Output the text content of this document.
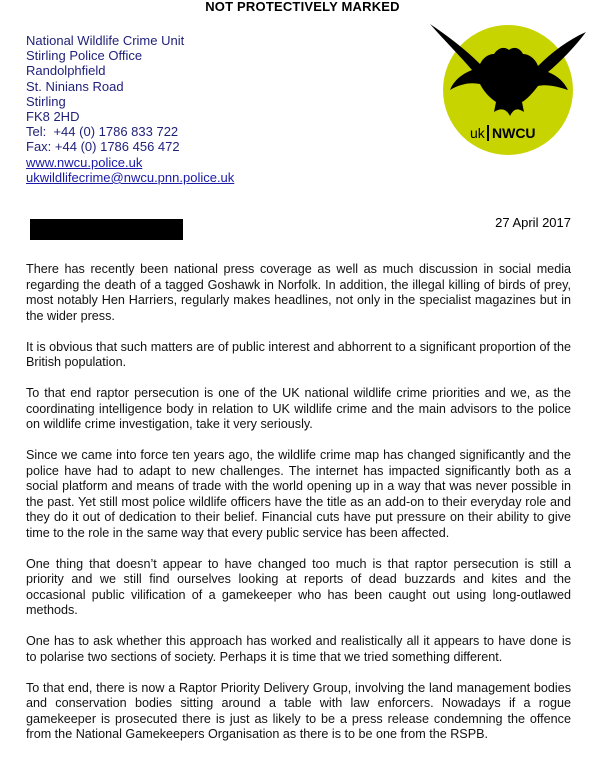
NOT PROTECTIVELY MARKED
National Wildlife Crime Unit
Stirling Police Office
Randolphfield
St. Ninians Road
Stirling
FK8 2HD
Tel: +44 (0) 1786 833 722
Fax: +44 (0) 1786 456 472
www.nwcu.police.uk
ukwildlifecrime@nwcu.pnn.police.uk
uk NWCU
27 April 2017

There has recently been national press coverage as well as much discussion in social media regarding the death of a tagged Goshawk in Norfolk. In addition, the illegal killing of birds of prey, most notably Hen Harriers, regularly makes headlines, not only in the specialist magazines but in the wider press.

It is obvious that such matters are of public interest and abhorrent to a significant proportion of the British population.

To that end raptor persecution is one of the UK national wildlife crime priorities and we, as the coordinating intelligence body in relation to UK wildlife crime and the main advisors to the police on wildlife crime investigation, take it very seriously.

Since we came into force ten years ago, the wildlife crime map has changed significantly and the police have had to adapt to new challenges. The internet has impacted significantly both as a social platform and means of trade with the world opening up in a way that was never possible in the past. Yet still most police wildlife officers have the title as an add-on to their everyday role and they do it out of dedication to their belief. Financial cuts have put pressure on their ability to give time to the role in the same way that every public service has been affected.

One thing that doesn’t appear to have changed too much is that raptor persecution is still a priority and we still find ourselves looking at reports of dead buzzards and kites and the occasional public vilification of a gamekeeper who has been caught out using long-outlawed methods.

One has to ask whether this approach has worked and realistically all it appears to have done is to polarise two sections of society. Perhaps it is time that we tried something different.

To that end, there is now a Raptor Priority Delivery Group, involving the land management bodies and conservation bodies sitting around a table with law enforcers. Nowadays if a rogue gamekeeper is prosecuted there is just as likely to be a press release condemning the offence from the National Gamekeepers Organisation as there is to be one from the RSPB.
